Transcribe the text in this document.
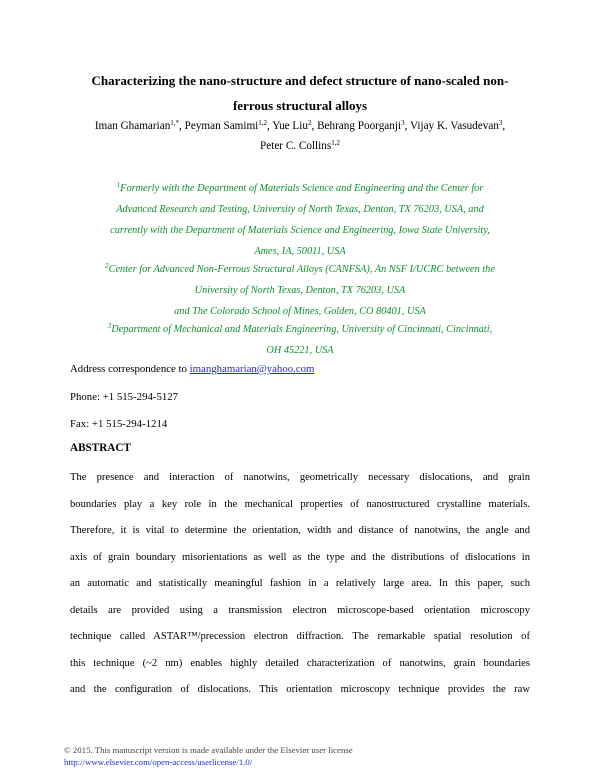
Characterizing the nano-structure and defect structure of nano-scaled non-
ferrous structural alloys
Iman Ghamarian$^{1,*}$, Peyman Samimi$^{1,2}$, Yue Liu$^2$, Behrang Poorganji$^3$, Vijay K. Vasudevan$^3$,
Peter C. Collins$^{1,2}$
$^1$Formerly with the Department of Materials Science and Engineering and the Center for
Advanced Research and Testing, University of North Texas, Denton, TX 76203, USA, and
currently with the Department of Materials Science and Engineering, Iowa State University,
Ames, IA, 50011, USA
$^2$Center for Advanced Non-Ferrous Structural Alloys (CANFSA), An NSF I/UCRC between the
University of North Texas, Denton, TX 76203, USA
and The Colorado School of Mines, Golden, CO 80401, USA
$^3$Department of Mechanical and Materials Engineering, University of Cincinnati, Cincinnati,
OH 45221, USA
Address correspondence to imanghamarian@yahoo.com
Phone: +1 515-294-5127
Fax: +1 515-294-1214
ABSTRACT
The presence and interaction of nanotwins, geometrically necessary dislocations, and grain
boundaries play a key role in the mechanical properties of nanostructured crystalline materials.
Therefore, it is vital to determine the orientation, width and distance of nanotwins, the angle and
axis of grain boundary misorientations as well as the type and the distributions of dislocations in
an automatic and statistically meaningful fashion in a relatively large area. In this paper, such
details are provided using a transmission electron microscope-based orientation microscopy
technique called ASTAR™/precession electron diffraction. The remarkable spatial resolution of
this technique (~2 nm) enables highly detailed characterization of nanotwins, grain boundaries
and the configuration of dislocations. This orientation microscopy technique provides the raw
© 2015. This manuscript version is made available under the Elsevier user license
http://www.elsevier.com/open-access/userlicense/1.0/
